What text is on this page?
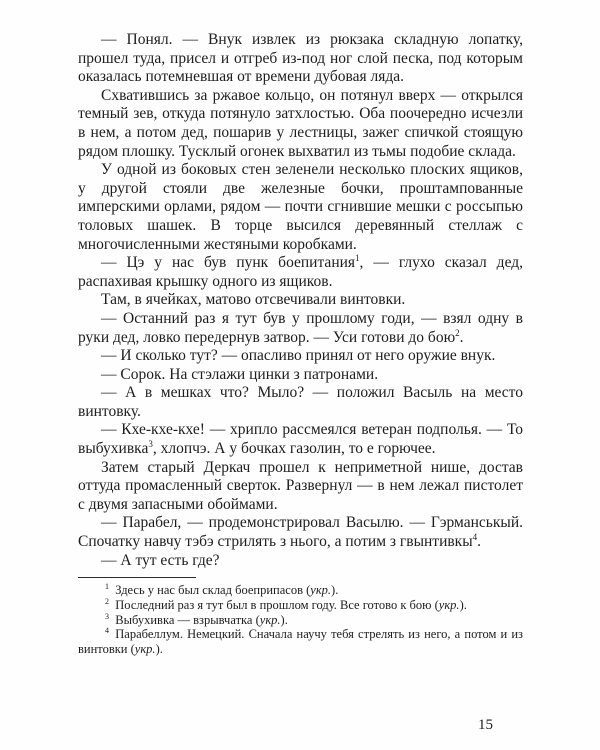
— Понял. — Внук извлек из рюкзака складную лопатку, прошел туда, присел и отгреб из-под ног слой песка, под которым оказалась потемневшая от времени дубовая ляда.

Схватившись за ржавое кольцо, он потянул вверх — открылся темный зев, откуда потянуло затхлостью. Оба поочередно исчезли в нем, а потом дед, пошарив у лестницы, зажег спичкой стоящую рядом плошку. Тусклый огонек выхватил из тьмы подобие склада.

У одной из боковых стен зеленели несколько плоских ящиков, у другой стояли две железные бочки, проштампованные имперскими орлами, рядом — почти сгнившие мешки с россыпью толовых шашек. В торце высился деревянный стеллаж с многочисленными жестяными коробками.

— Цэ у нас був пунк боепитания$^1$, — глухо сказал дед, распахивая крышку одного из ящиков.

Там, в ячейках, матово отсвечивали винтовки.

— Останний раз я тут був у прошлому годи, — взял одну в руки дед, ловко передернув затвор. — Уси готови до бою$^2$.

— И сколько тут? — опасливо принял от него оружие внук.

— Сорок. На стэлажи цинки з патронами.

— А в мешках что? Мыло? — положил Васыль на место винтовку.

— Кхе-кхе-кхе! — хрипло рассмеялся ветеран подполья. — То выбухивка$^3$, хлопчэ. А у бочках газолин, то е горючее.

Затем старый Деркач прошел к неприметной нише, достав оттуда промасленный сверток. Развернул — в нем лежал пистолет с двумя запасными обоймами.

— Парабел, — продемонстрировал Васылю. — Гэрманськый. Спочатку навчу тэбэ стрилять з нього, а потим з гвынтивкы$^4$.

— А тут есть где?

$^1$ Здесь у нас был склад боеприпасов (укр.).

$^2$ Последний раз я тут был в прошлом году. Все готово к бою (укр.).

$^3$ Выбухивка — взрывчатка (укр.).

$^4$ Парабеллум. Немецкий. Сначала научу тебя стрелять из него, а потом и из винтовки (укр.).

15
